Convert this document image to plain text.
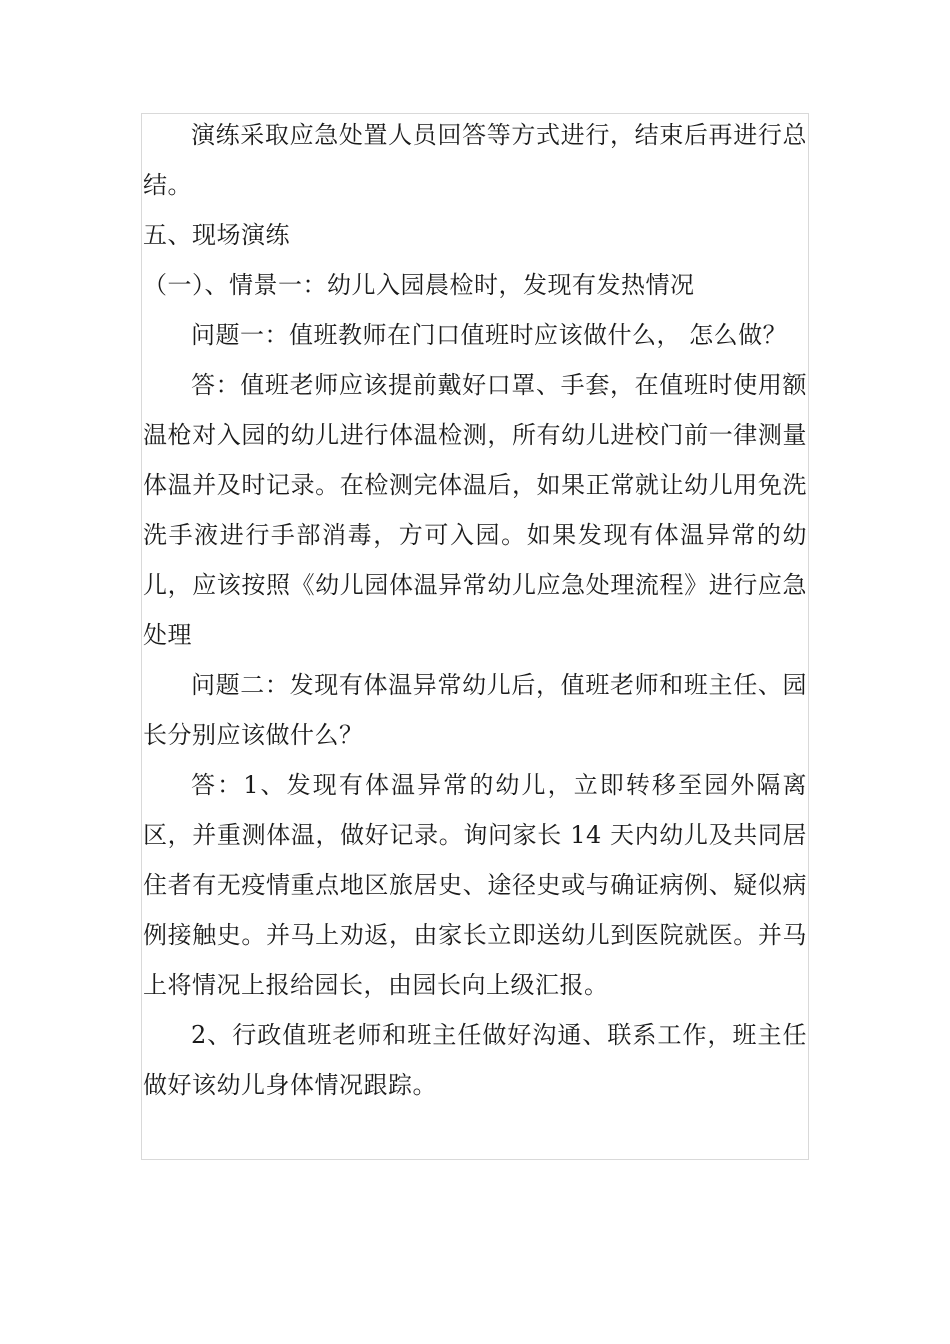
演练采取应急处置人员回答等方式进行，结束后再进行总结。

五、现场演练

（一）、情景一：幼儿入园晨检时，发现有发热情况

问题一：值班教师在门口值班时应该做什么， 怎么做？

答：值班老师应该提前戴好口罩、手套，在值班时使用额温枪对入园的幼儿进行体温检测，所有幼儿进校门前一律测量体温并及时记录。在检测完体温后，如果正常就让幼儿用免洗洗手液进行手部消毒，方可入园。如果发现有体温异常的幼儿，应该按照《幼儿园体温异常幼儿应急处理流程》进行应急处理

问题二：发现有体温异常幼儿后，值班老师和班主任、园长分别应该做什么？

答：1、发现有体温异常的幼儿，立即转移至园外隔离区，并重测体温，做好记录。询问家长 14 天内幼儿及共同居住者有无疫情重点地区旅居史、途径史或与确证病例、疑似病例接触史。并马上劝返，由家长立即送幼儿到医院就医。并马上将情况上报给园长，由园长向上级汇报。

2、行政值班老师和班主任做好沟通、联系工作，班主任做好该幼儿身体情况跟踪。
